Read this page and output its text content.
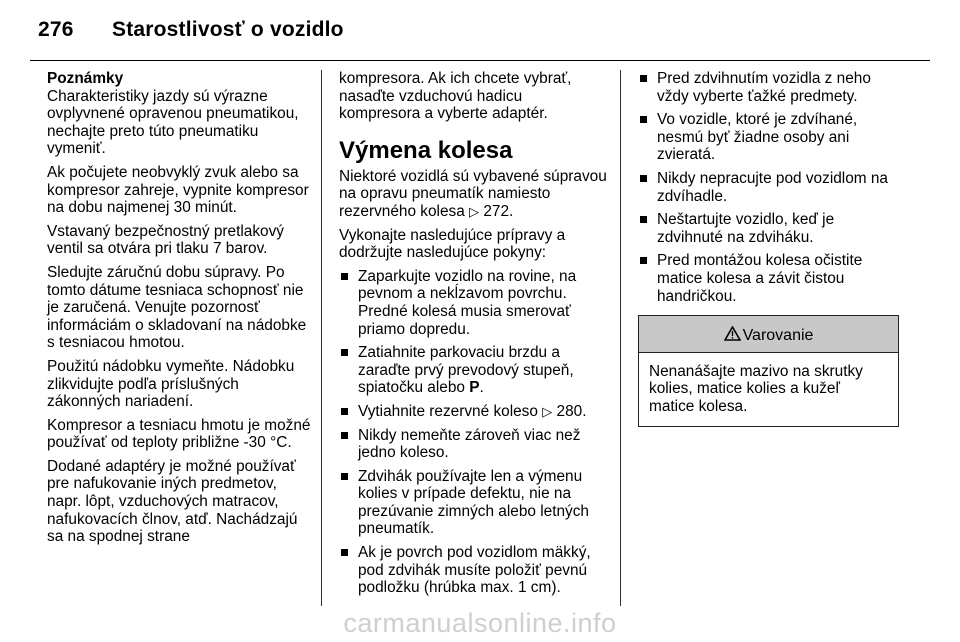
276 Starostlivosť o vozidlo
Poznámky

Charakteristiky jazdy sú výrazne ovplyvnené opravenou pneumatikou, nechajte preto túto pneumatiku vymeniť.

Ak počujete neobvyklý zvuk alebo sa kompresor zahreje, vypnite kompresor na dobu najmenej 30 minút.

Vstavaný bezpečnostný pretlakový ventil sa otvára pri tlaku 7 barov.

Sledujte záručnú dobu súpravy. Po tomto dátume tesniaca schopnosť nie je zaručená. Venujte pozornosť informáciám o skladovaní na nádobke s tesniacou hmotou.

Použitú nádobku vymeňte. Nádobku zlikvidujte podľa príslušných zákonných nariadení.

Kompresor a tesniacu hmotu je možné používať od teploty približne -30 °C.

Dodané adaptéry je možné používať pre nafukovanie iných predmetov, napr. lôpt, vzduchových matracov, nafukovacích člnov, atď. Nachádzajú sa na spodnej strane

kompresora. Ak ich chcete vybrať, nasaďte vzduchovú hadicu kompresora a vyberte adaptér.

Výmena kolesa

Niektoré vozidlá sú vybavené súpravou na opravu pneumatík namiesto rezervného kolesa ▷ 272.

Vykonajte nasledujúce prípravy a dodržujte nasledujúce pokyny:

Zaparkujte vozidlo na rovine, na pevnom a nekĺzavom povrchu. Predné kolesá musia smerovať priamo dopredu.
Zatiahnite parkovaciu brzdu a zaraďte prvý prevodový stupeň, spiatočku alebo P.
Vytiahnite rezervné koleso ▷ 280.
Nikdy nemeňte zároveň viac než jedno koleso.
Zdvihák používajte len a výmenu kolies v prípade defektu, nie na prezúvanie zimných alebo letných pneumatík.
Ak je povrch pod vozidlom mäkký, pod zdvihák musíte položiť pevnú podložku (hrúbka max. 1 cm).
Pred zdvihnutím vozidla z neho vždy vyberte ťažké predmety.
Vo vozidle, ktoré je zdvíhané, nesmú byť žiadne osoby ani zvieratá.
Nikdy nepracujte pod vozidlom na zdvíhadle.
Neštartujte vozidlo, keď je zdvihnuté na zdviháku.
Pred montážou kolesa očistite matice kolesa a závit čistou handričkou.
Varovanie
Nenanášajte mazivo na skrutky kolies, matice kolies a kužeľ matice kolesa.
carmanualsonline.info
